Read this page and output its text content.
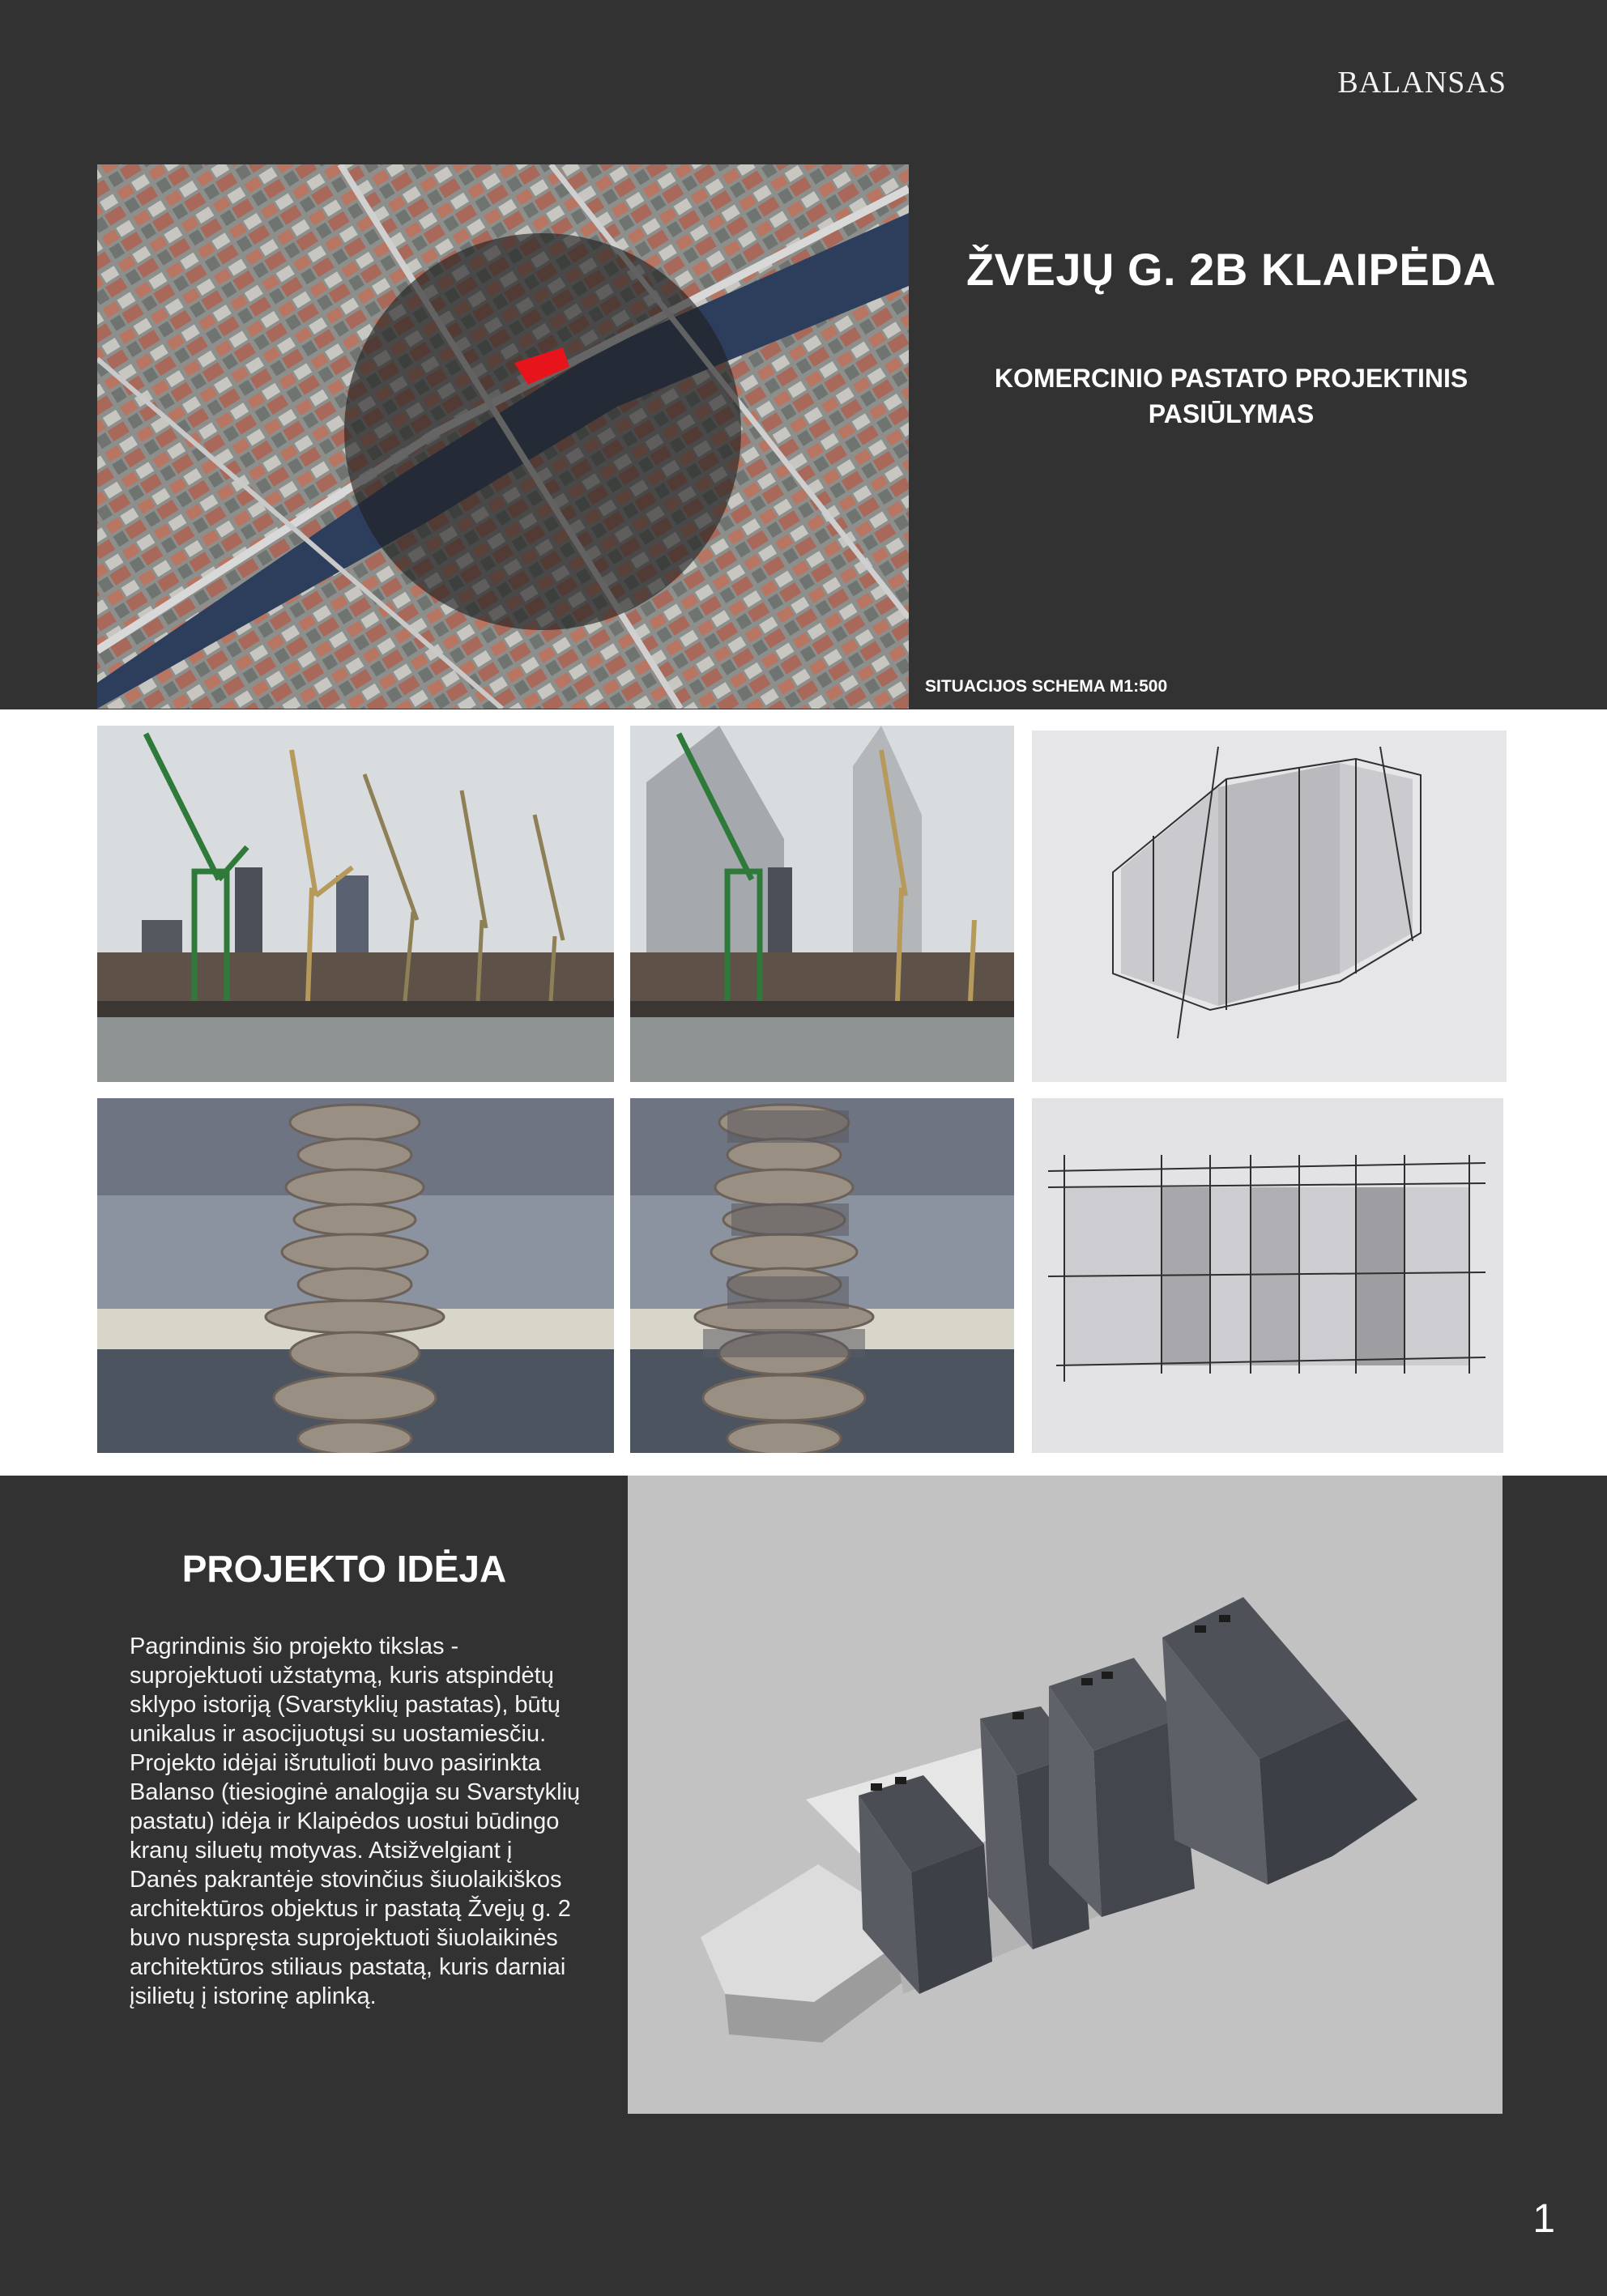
BALANSAS
ŽVEJŲ G. 2B KLAIPĖDA
KOMERCINIO PASTATO PROJEKTINIS PASIŪLYMAS
SITUACIJOS SCHEMA M1:500
PROJEKTO IDĖJA
Pagrindinis šio projekto tikslas -
suprojektuoti užstatymą, kuris atspindėtų
sklypo istoriją (Svarstyklių pastatas), būtų
unikalus ir asocijuotųsi su uostamiesčiu.
Projekto idėjai išrutulioti buvo pasirinkta
Balanso (tiesioginė analogija su Svarstyklių
pastatu) idėja ir Klaipėdos uostui būdingo
kranų siluetų motyvas. Atsižvelgiant į
Danės pakrantėje stovinčius šiuolaikiškos
architektūros objektus ir pastatą Žvejų g. 2
buvo nuspręsta suprojektuoti šiuolaikinės
architektūros stiliaus pastatą, kuris darniai
įsilietų į istorinę aplinką.
1
